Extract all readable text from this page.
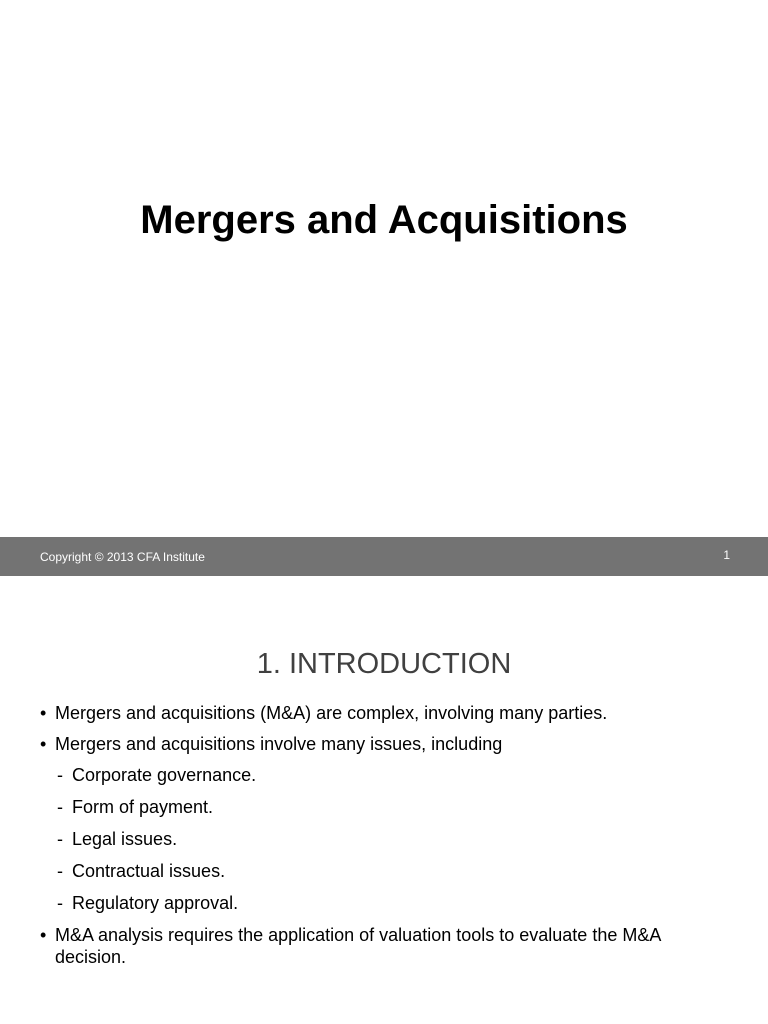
Mergers and Acquisitions
Copyright © 2013 CFA Institute	1
1. INTRODUCTION
• Mergers and acquisitions (M&A) are complex, involving many parties.
• Mergers and acquisitions involve many issues, including
- Corporate governance.
- Form of payment.
- Legal issues.
- Contractual issues.
- Regulatory approval.
• M&A analysis requires the application of valuation tools to evaluate the M&A decision.
